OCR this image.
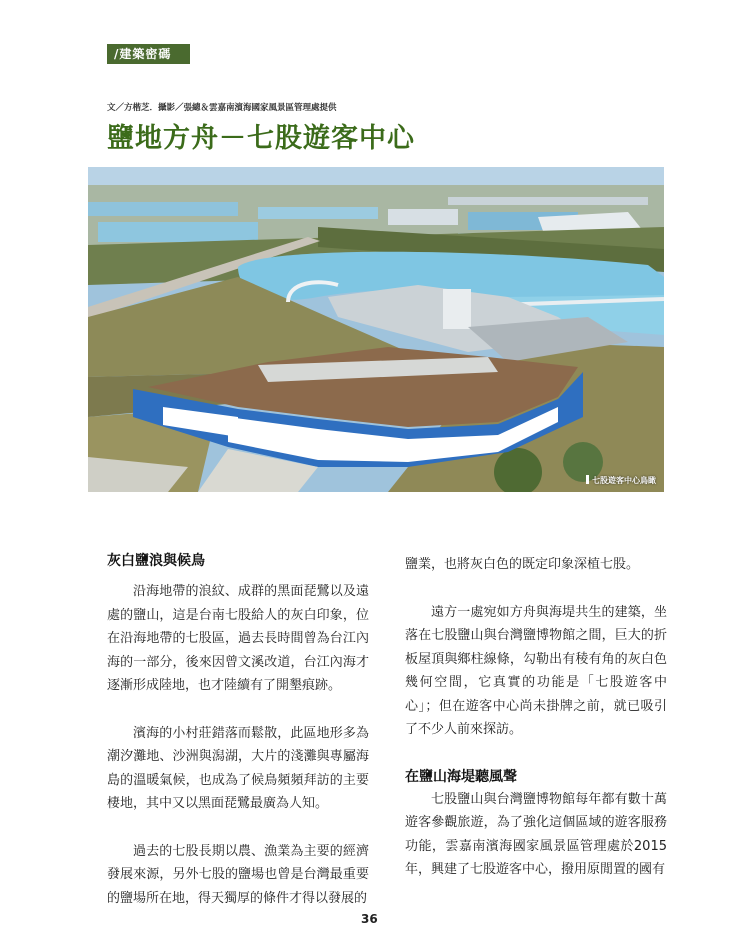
/建築密碼
文／方楷芝．攝影／張總＆雲嘉南濱海國家風景區管理處提供
鹽地方舟－七股遊客中心
七股遊客中心鳥瞰
灰白鹽浪與候鳥

沿海地帶的浪紋、成群的黑面琵鷺以及遠處的鹽山，這是台南七股給人的灰白印象，位在沿海地帶的七股區，過去長時間曾為台江內海的一部分，後來因曾文溪改道，台江內海才逐漸形成陸地，也才陸續有了開墾痕跡。

濱海的小村莊錯落而鬆散，此區地形多為潮汐灘地、沙洲與潟湖，大片的淺灘與專屬海島的溫暖氣候，也成為了候鳥頻頻拜訪的主要棲地，其中又以黑面琵鷺最廣為人知。

過去的七股長期以農、漁業為主要的經濟發展來源，另外七股的鹽場也曾是台灣最重要的鹽場所在地，得天獨厚的條件才得以發展的

鹽業，也將灰白色的既定印象深植七股。

遠方一處宛如方舟與海堤共生的建築，坐落在七股鹽山與台灣鹽博物館之間，巨大的折板屋頂與鄉柱線條，勾勒出有稜有角的灰白色幾何空間，它真實的功能是「七股遊客中心」；但在遊客中心尚未掛牌之前，就已吸引了不少人前來探訪。

在鹽山海堤聽風聲

七股鹽山與台灣鹽博物館每年都有數十萬遊客參觀旅遊，為了強化這個區域的遊客服務功能，雲嘉南濱海國家風景區管理處於2015年，興建了七股遊客中心，撥用原閒置的國有

36
